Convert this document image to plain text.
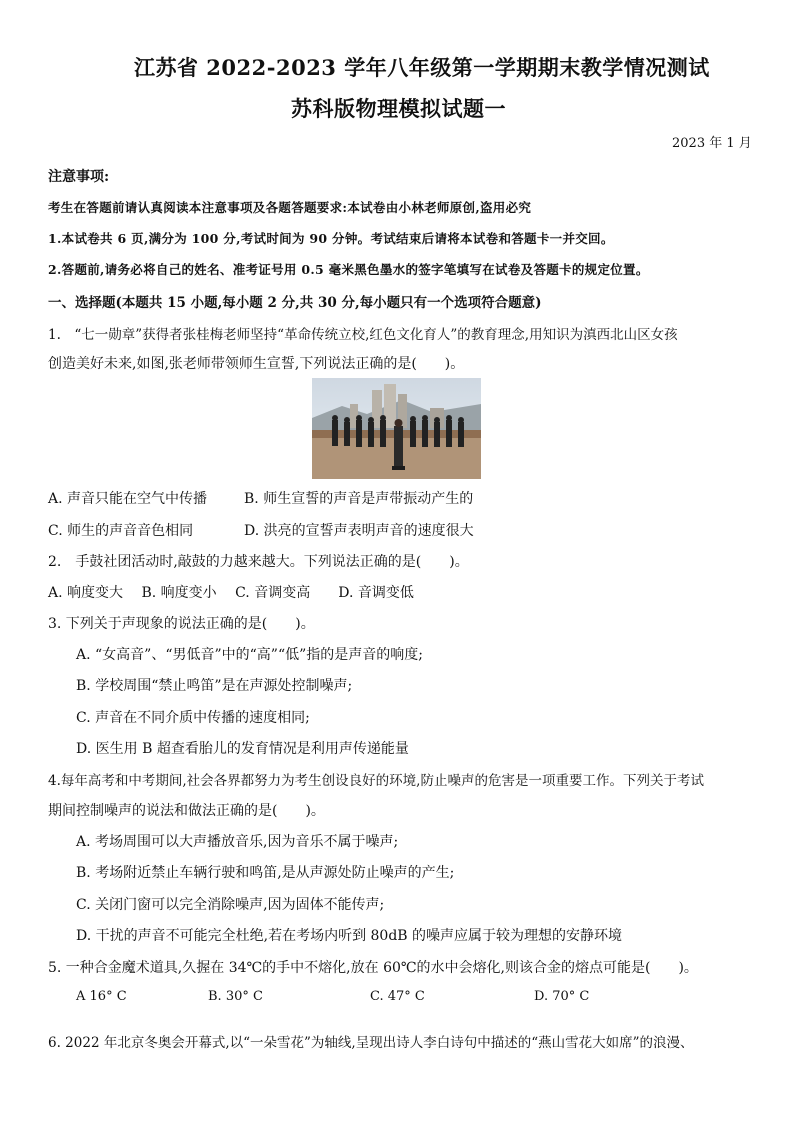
江苏省 2022-2023 学年八年级第一学期期末教学情况测试
苏科版物理模拟试题一
2023 年 1 月
注意事项:
考生在答题前请认真阅读本注意事项及各题答题要求:本试卷由小林老师原创,盗用必究
1.本试卷共 6 页,满分为 100 分,考试时间为 90 分钟。考试结束后请将本试卷和答题卡一并交回。
2.答题前,请务必将自己的姓名、准考证号用 0.5 毫米黑色墨水的签字笔填写在试卷及答题卡的规定位置。
一、选择题(本题共 15 小题,每小题 2 分,共 30 分,每小题只有一个选项符合题意)
1.　“七一勋章”获得者张桂梅老师坚持“革命传统立校,红色文化育人”的教育理念,用知识为滇西北山区女孩
创造美好未来,如图,张老师带领师生宣誓,下列说法正确的是(　　)。
A. 声音只能在空气中传播	B. 师生宣誓的声音是声带振动产生的
C. 师生的声音音色相同	D. 洪亮的宣誓声表明声音的速度很大
2.　手鼓社团活动时,敲鼓的力越来越大。下列说法正确的是(　　)。
A. 响度变大　 B. 响度变小　 C. 音调变高　　D. 音调变低
3. 下列关于声现象的说法正确的是(　　)。
A. “女高音”、“男低音”中的“高”“低”指的是声音的响度;
B. 学校周围“禁止鸣笛”是在声源处控制噪声;
C. 声音在不同介质中传播的速度相同;
D. 医生用 B 超查看胎儿的发育情况是利用声传递能量
4.每年高考和中考期间,社会各界都努力为考生创设良好的环境,防止噪声的危害是一项重要工作。下列关于考试
期间控制噪声的说法和做法正确的是(　　)。
A. 考场周围可以大声播放音乐,因为音乐不属于噪声;
B. 考场附近禁止车辆行驶和鸣笛,是从声源处防止噪声的产生;
C. 关闭门窗可以完全消除噪声,因为固体不能传声;
D. 干扰的声音不可能完全杜绝,若在考场内听到 80dB 的噪声应属于较为理想的安静环境
5. 一种合金魔术道具,久握在 34℃的手中不熔化,放在 60℃的水中会熔化,则该合金的熔点可能是(　　)。
A 16° C	B. 30° C	C. 47° C	D. 70° C
6. 2022 年北京冬奥会开幕式,以“一朵雪花”为轴线,呈现出诗人李白诗句中描述的“燕山雪花大如席”的浪漫、
